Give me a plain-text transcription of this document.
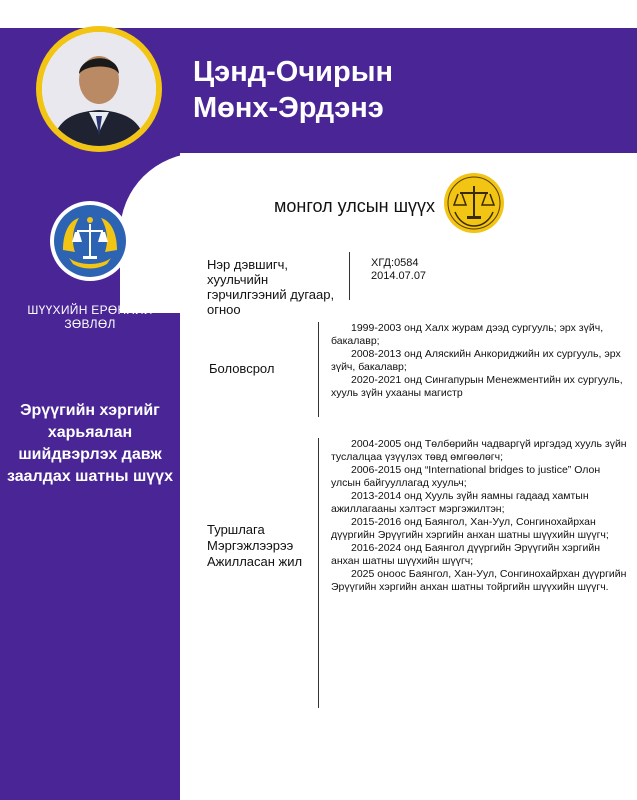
Цэнд-Очирын
Мөнх-Эрдэнэ
ШҮҮХИЙН ЕРӨНХИЙ ЗӨВЛӨЛ
Эрүүгийн хэргийг харьяалан шийдвэрлэх давж заалдах шатны шүүх
монгол улсын шүүх
Нэр дэвшигч, хуульчийн гэрчилгээний дугаар, огноо
ХГД:0584
2014.07.07
Боловсрол

1999-2003 онд Халх журам дээд сургууль; эрх зүйч, бакалавр;

2008-2013 онд Аляскийн Анкориджийн их сургууль, эрх зүйч, бакалавр;

2020-2021 онд Сингапурын Менежментийн их сургууль, хууль зүйн ухааны магистр

Туршлага
Мэргэжлээрээ
Ажилласан жил

2004-2005 онд Төлбөрийн чадваргүй иргэдэд хууль зүйн туслалцаа үзүүлэх төвд өмгөөлөгч;

2006-2015 онд “International bridges to justice” Олон улсын байгууллагад хуульч;

2013-2014 онд Хууль зүйн яамны гадаад хамтын ажиллагааны хэлтэст мэргэжилтэн;

2015-2016 онд Баянгол, Хан-Уул, Сонгинохайрхан дүүргийн Эрүүгийн хэргийн анхан шатны шүүхийн шүүгч;

2016-2024 онд Баянгол дүүргийн Эрүүгийн хэргийн анхан шатны шүүхийн шүүгч;

2025 оноос Баянгол, Хан-Уул, Сонгинохайрхан дүүргийн Эрүүгийн хэргийн анхан шатны тойргийн шүүхийн шүүгч.
